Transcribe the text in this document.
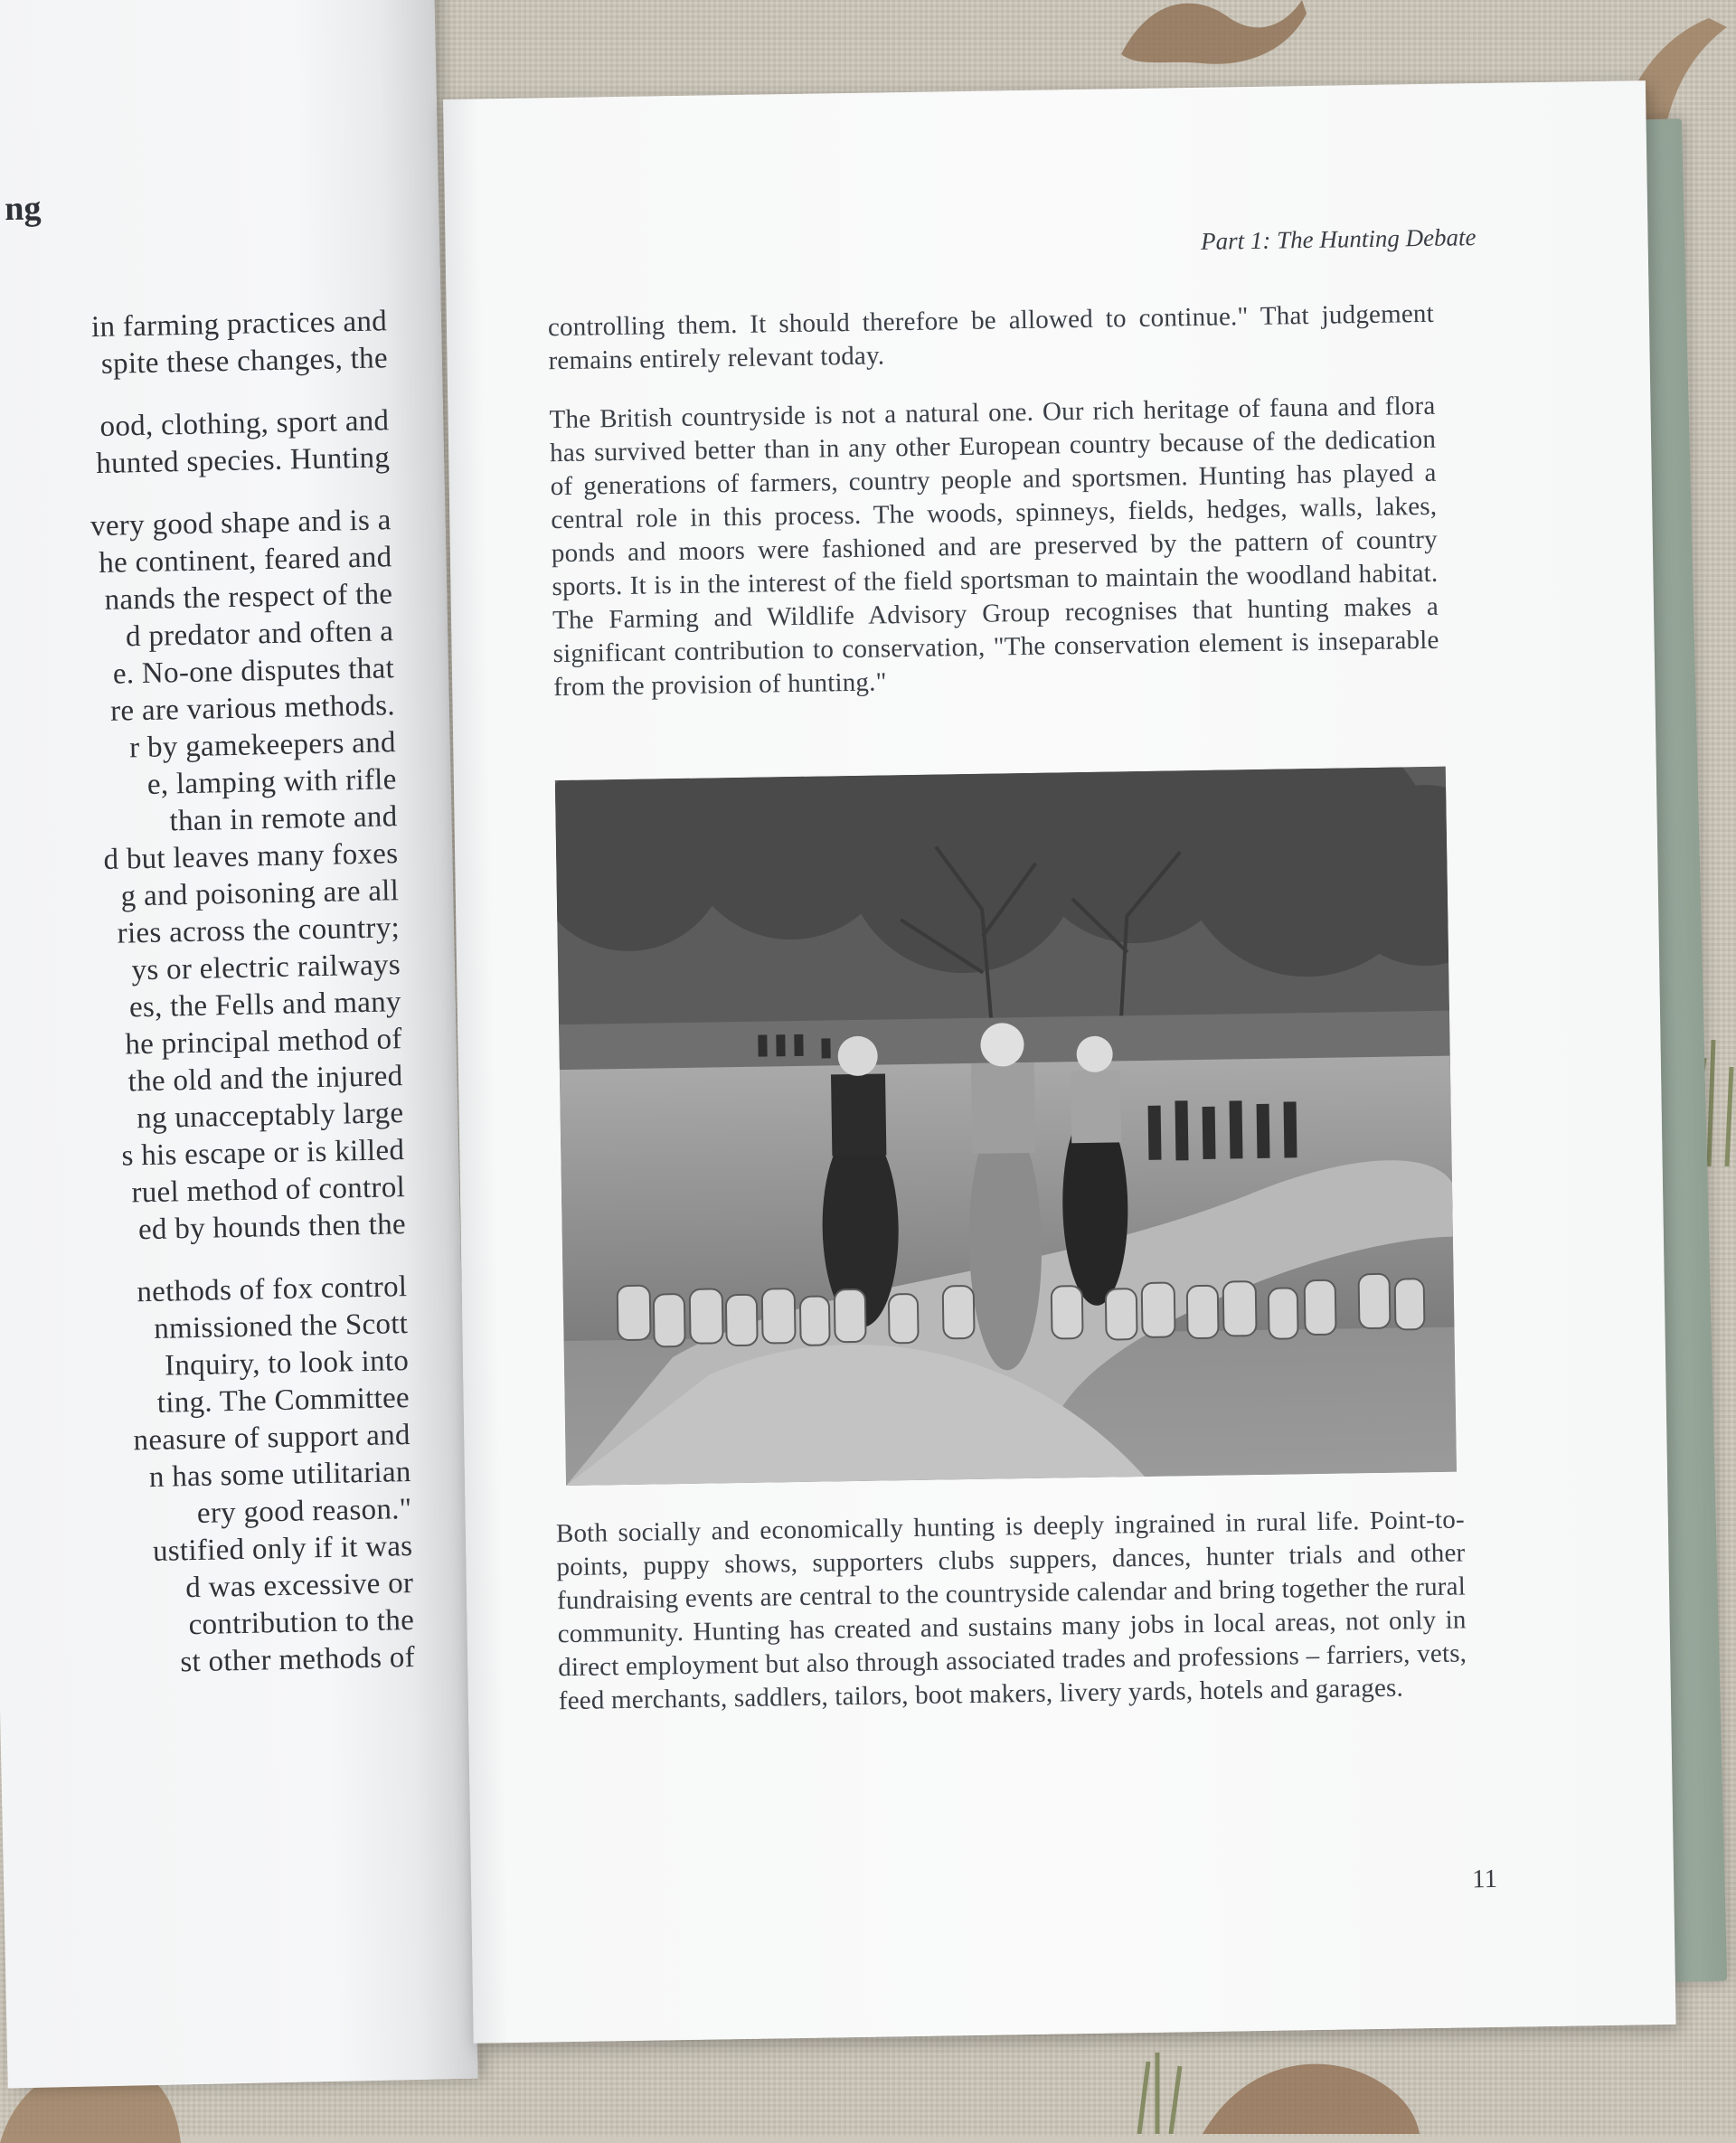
ng
in farming practices and
spite these changes, the
ood, clothing, sport and
hunted species. Hunting
very good shape and is a
he continent, feared and
nands the respect of the
d predator and often a
e. No-one disputes that
re are various methods.
r by gamekeepers and
e, lamping with rifle
than in remote and
d but leaves many foxes
g and poisoning are all
ries across the country;
ys or electric railways
es, the Fells and many
he principal method of
the old and the injured
ng unacceptably large
s his escape or is killed
ruel method of control
ed by hounds then the
nethods of fox control
nmissioned the Scott
Inquiry, to look into
ting. The Committee
neasure of support and
n has some utilitarian
ery good reason."
ustified only if it was
d was excessive or
contribution to the
st other methods of
Part 1: The Hunting Debate

controlling them. It should therefore be allowed to continue." That judgement remains entirely relevant today.

The British countryside is not a natural one. Our rich heritage of fauna and flora has survived better than in any other European country because of the dedication of generations of farmers, country people and sportsmen. Hunting has played a central role in this process. The woods, spinneys, fields, hedges, walls, lakes, ponds and moors were fashioned and are preserved by the pattern of country sports. It is in the interest of the field sportsman to maintain the woodland habitat. The Farming and Wildlife Advisory Group recognises that hunting makes a significant contribution to conservation, "The conservation element is inseparable from the provision of hunting."

Both socially and economically hunting is deeply ingrained in rural life. Point-to-points, puppy shows, supporters clubs suppers, dances, hunter trials and other fundraising events are central to the countryside calendar and bring together the rural community. Hunting has created and sustains many jobs in local areas, not only in direct employment but also through associated trades and professions – farriers, vets, feed merchants, saddlers, tailors, boot makers, livery yards, hotels and garages.

11
